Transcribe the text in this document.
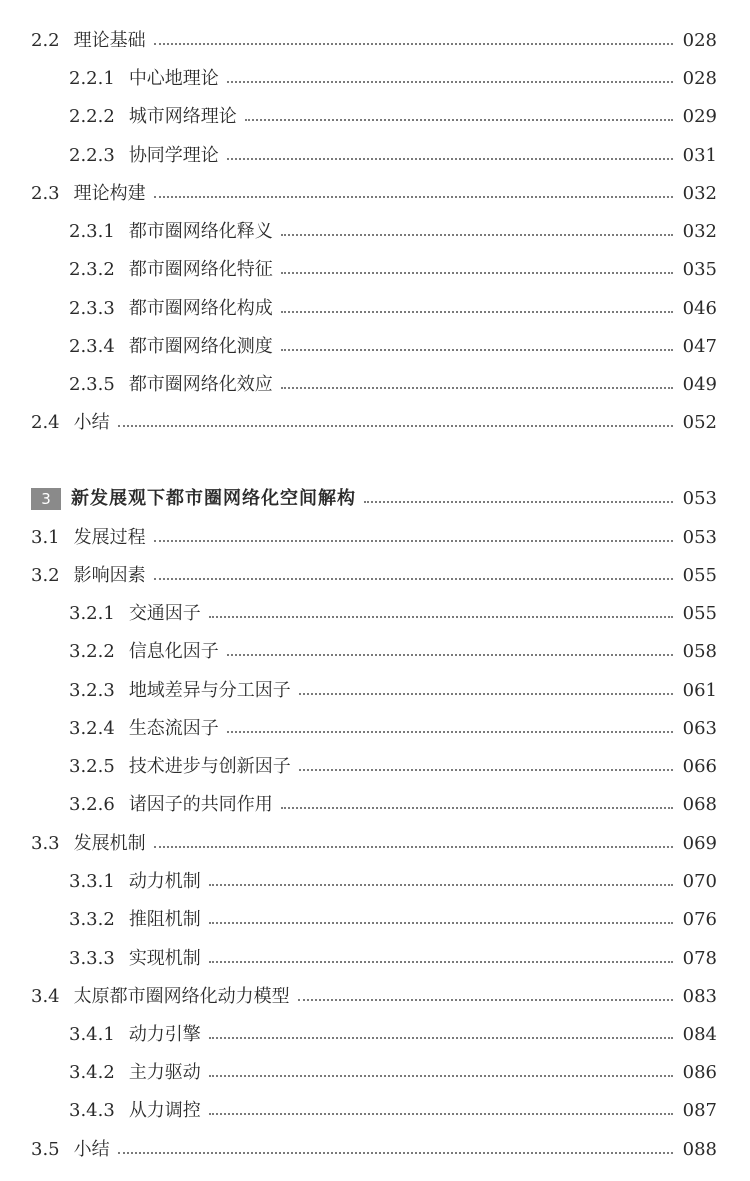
2.2 理论基础	028
2.2.1 中心地理论	028
2.2.2 城市网络理论	029
2.2.3 协同学理论	031
2.3 理论构建	032
2.3.1 都市圈网络化释义	032
2.3.2 都市圈网络化特征	035
2.3.3 都市圈网络化构成	046
2.3.4 都市圈网络化测度	047
2.3.5 都市圈网络化效应	049
2.4 小结	052
3	新发展观下都市圈网络化空间解构	053
3.1 发展过程	053
3.2 影响因素	055
3.2.1 交通因子	055
3.2.2 信息化因子	058
3.2.3 地域差异与分工因子	061
3.2.4 生态流因子	063
3.2.5 技术进步与创新因子	066
3.2.6 诸因子的共同作用	068
3.3 发展机制	069
3.3.1 动力机制	070
3.3.2 推阻机制	076
3.3.3 实现机制	078
3.4 太原都市圈网络化动力模型	083
3.4.1 动力引擎	084
3.4.2 主力驱动	086
3.4.3 从力调控	087
3.5 小结	088
